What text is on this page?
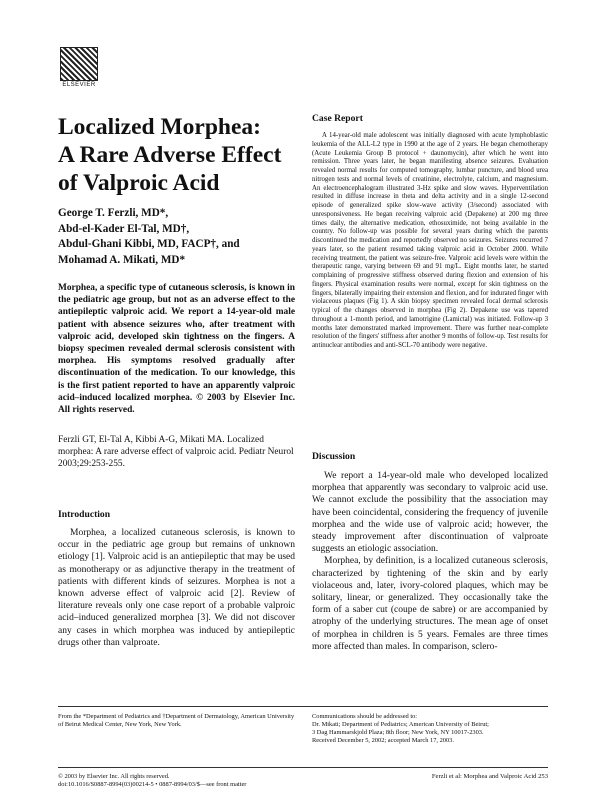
ELSEVIER
Localized Morphea:
A Rare Adverse Effect
of Valproic Acid
George T. Ferzli, MD*,
Abd-el-Kader El-Tal, MD†,
Abdul-Ghani Kibbi, MD, FACP†, and
Mohamad A. Mikati, MD*
Morphea, a specific type of cutaneous sclerosis, is known in the pediatric age group, but not as an adverse effect to the antiepileptic valproic acid. We report a 14-year-old male patient with absence seizures who, after treatment with valproic acid, developed skin tightness on the fingers. A biopsy specimen revealed dermal sclerosis consistent with morphea. His symptoms resolved gradually after discontinuation of the medication. To our knowledge, this is the first patient reported to have an apparently valproic acid–induced localized morphea. © 2003 by Elsevier Inc. All rights reserved.
Ferzli GT, El-Tal A, Kibbi A-G, Mikati MA. Localized morphea: A rare adverse effect of valproic acid. Pediatr Neurol 2003;29:253-255.
Introduction

Morphea, a localized cutaneous sclerosis, is known to occur in the pediatric age group but remains of unknown etiology [1]. Valproic acid is an antiepileptic that may be used as monotherapy or as adjunctive therapy in the treatment of patients with different kinds of seizures. Morphea is not a known adverse effect of valproic acid [2]. Review of literature reveals only one case report of a probable valproic acid–induced generalized morphea [3]. We did not discover any cases in which morphea was induced by antiepileptic drugs other than valproate.

Case Report

A 14-year-old male adolescent was initially diagnosed with acute lymphoblastic leukemia of the ALL-L2 type in 1990 at the age of 2 years. He began chemotherapy (Acute Leukemia Group B protocol + daunomycin), after which he went into remission. Three years later, he began manifesting absence seizures. Evaluation revealed normal results for computed tomography, lumbar puncture, and blood urea nitrogen tests and normal levels of creatinine, electrolyte, calcium, and magnesium. An electroencephalogram illustrated 3-Hz spike and slow waves. Hyperventilation resulted in diffuse increase in theta and delta activity and in a single 12-second episode of generalized spike slow-wave activity (3/second) associated with unresponsiveness. He began receiving valproic acid (Depakene) at 200 mg three times daily, the alternative medication, ethosuximide, not being available in the country. No follow-up was possible for several years during which the parents discontinued the medication and reportedly observed no seizures. Seizures recurred 7 years later, so the patient resumed taking valproic acid in October 2000. While receiving treatment, the patient was seizure-free. Valproic acid levels were within the therapeutic range, varying between 69 and 91 mg/L. Eight months later, he started complaining of progressive stiffness observed during flexion and extension of his fingers. Physical examination results were normal, except for skin tightness on the fingers, bilaterally impairing their extension and flexion, and for indurated finger with violaceous plaques (Fig 1). A skin biopsy specimen revealed focal dermal sclerosis typical of the changes observed in morphea (Fig 2). Depakene use was tapered throughout a 1-month period, and lamotrigine (Lamictal) was initiated. Follow-up 3 months later demonstrated marked improvement. There was further near-complete resolution of the fingers' stiffness after another 9 months of follow-up. Test results for antinuclear antibodies and anti-SCL-70 antibody were negative.

Discussion

We report a 14-year-old male who developed localized morphea that apparently was secondary to valproic acid use. We cannot exclude the possibility that the association may have been coincidental, considering the frequency of juvenile morphea and the wide use of valproic acid; however, the steady improvement after discontinuation of valproate suggests an etiologic association.

Morphea, by definition, is a localized cutaneous sclerosis, characterized by tightening of the skin and by early violaceous and, later, ivory-colored plaques, which may be solitary, linear, or generalized. They occasionally take the form of a saber cut (coupe de sabre) or are accompanied by atrophy of the underlying structures. The mean age of onset of morphea in children is 5 years. Females are three times more affected than males. In comparison, sclero-

From the *Department of Pediatrics and †Department of Dermatology, American University of Beirut Medical Center, New York, New York.
Communications should be addressed to:
Dr. Mikati; Department of Pediatrics; American University of Beirut;
3 Dag Hammarskjold Plaza; 8th floor; New York, NY 10017-2303.
Received December 5, 2002; accepted March 17, 2003.
© 2003 by Elsevier Inc. All rights reserved.
doi:10.1016/S0887-8994(03)00214-5 • 0887-8994/03/$—see front matter
Ferzli et al: Morphea and Valproic Acid 253
